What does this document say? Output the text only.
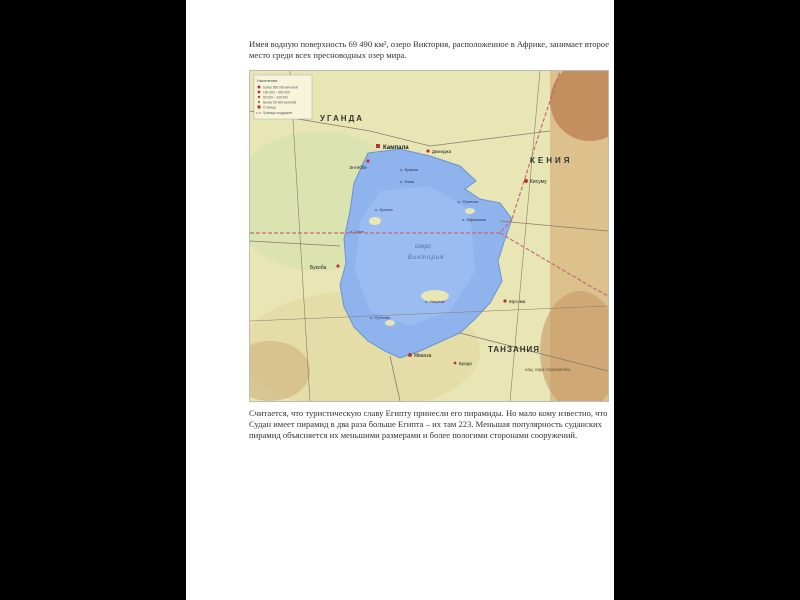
Имея водную поверхность 69 490 км², озеро Виктория, расположенное в Африке, занимает второе место среди всех пресноводных озер мира.
Население
более 500 000 жителей
100 000 – 500 000
50 000 – 100 000
менее 50 000 жителей
Столица
Граница государств
УГАНДА
КЕНИЯ
ТАНЗАНИЯ
озеро
Виктория
Кампала
Кисуму
Мванза
Букоба
Энтеббе
Джинджа
Мусома
Бунда
о. Бувума
о. Сесе
о. Укереве
о. Румензи
о. Мфангано
о. Кома
о. Бугала
о. Рубондо
нац. парк Серенгети
Считается, что туристическую славу Египту принесли его пирамиды. Но мало кому известно, что Судан имеет пирамид в два раза больше Египта – их там 223. Меньшая популярность суданских пирамид объясняется их меньшими размерами и более пологими сторонами сооружений.
